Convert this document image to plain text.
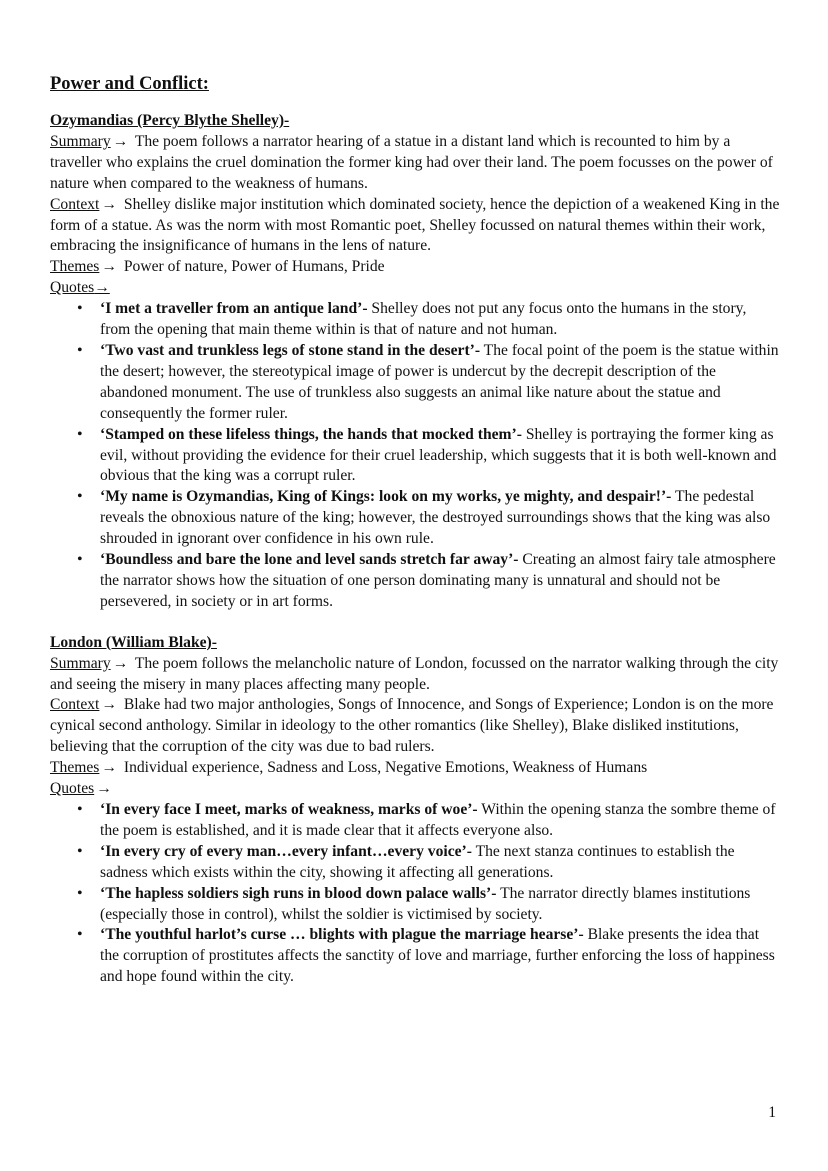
Power and Conflict:

Ozymandias (Percy Blythe Shelley)-

Summary → The poem follows a narrator hearing of a statue in a distant land which is recounted to him by a traveller who explains the cruel domination the former king had over their land. The poem focusses on the power of nature when compared to the weakness of humans.

Context → Shelley dislike major institution which dominated society, hence the depiction of a weakened King in the form of a statue. As was the norm with most Romantic poet, Shelley focussed on natural themes within their work, embracing the insignificance of humans in the lens of nature.

Themes → Power of nature, Power of Humans, Pride

Quotes→

• ‘I met a traveller from an antique land’- Shelley does not put any focus onto the humans in the story, from the opening that main theme within is that of nature and not human.
• ‘Two vast and trunkless legs of stone stand in the desert’- The focal point of the poem is the statue within the desert; however, the stereotypical image of power is undercut by the decrepit description of the abandoned monument. The use of trunkless also suggests an animal like nature about the statue and consequently the former ruler.
• ‘Stamped on these lifeless things, the hands that mocked them’- Shelley is portraying the former king as evil, without providing the evidence for their cruel leadership, which suggests that it is both well-known and obvious that the king was a corrupt ruler.
• ‘My name is Ozymandias, King of Kings: look on my works, ye mighty, and despair!’- The pedestal reveals the obnoxious nature of the king; however, the destroyed surroundings shows that the king was also shrouded in ignorant over confidence in his own rule.
• ‘Boundless and bare the lone and level sands stretch far away’- Creating an almost fairy tale atmosphere the narrator shows how the situation of one person dominating many is unnatural and should not be persevered, in society or in art forms.

London (William Blake)-

Summary → The poem follows the melancholic nature of London, focussed on the narrator walking through the city and seeing the misery in many places affecting many people.

Context → Blake had two major anthologies, Songs of Innocence, and Songs of Experience; London is on the more cynical second anthology. Similar in ideology to the other romantics (like Shelley), Blake disliked institutions, believing that the corruption of the city was due to bad rulers.

Themes → Individual experience, Sadness and Loss, Negative Emotions, Weakness of Humans

Quotes →

• ‘In every face I meet, marks of weakness, marks of woe’- Within the opening stanza the sombre theme of the poem is established, and it is made clear that it affects everyone also.
• ‘In every cry of every man…every infant…every voice’- The next stanza continues to establish the sadness which exists within the city, showing it affecting all generations.
• ‘The hapless soldiers sigh runs in blood down palace walls’- The narrator directly blames institutions (especially those in control), whilst the soldier is victimised by society.
• ‘The youthful harlot’s curse … blights with plague the marriage hearse’- Blake presents the idea that the corruption of prostitutes affects the sanctity of love and marriage, further enforcing the loss of happiness and hope found within the city.
1
